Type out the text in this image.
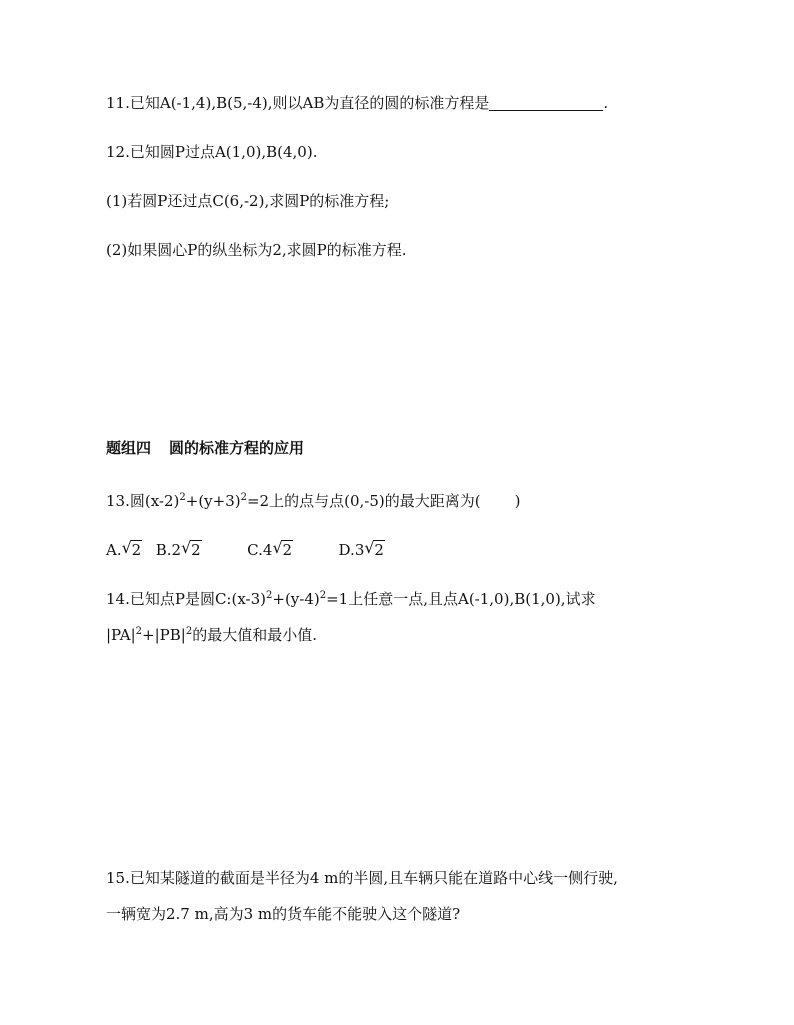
11.已知A(-1,4),B(5,-4),则以AB为直径的圆的标准方程是	.
12.已知圆P过点A(1,0),B(4,0).
(1)若圆P还过点C(6,-2),求圆P的标准方程;
(2)如果圆心P的纵坐标为2,求圆P的标准方程.
题组四 圆的标准方程的应用
13.圆$(x-2)^2+(y+3)^2=2$上的点与点(0,-5)的最大距离为( )
A. √ 2 B.2 √ 2	C.4 √ 2	D.3 √ 2
14.已知点P是圆$C:(x-3)^2+(y-4)^2=1$上任意一点,且点A(-1,0),B(1,0),试求
$|PA|^2+|PB|^2$的最大值和最小值.
15.已知某隧道的截面是半径为4 m的半圆,且车辆只能在道路中心线一侧行驶,
一辆宽为2.7 m,高为3 m的货车能不能驶入这个隧道?
